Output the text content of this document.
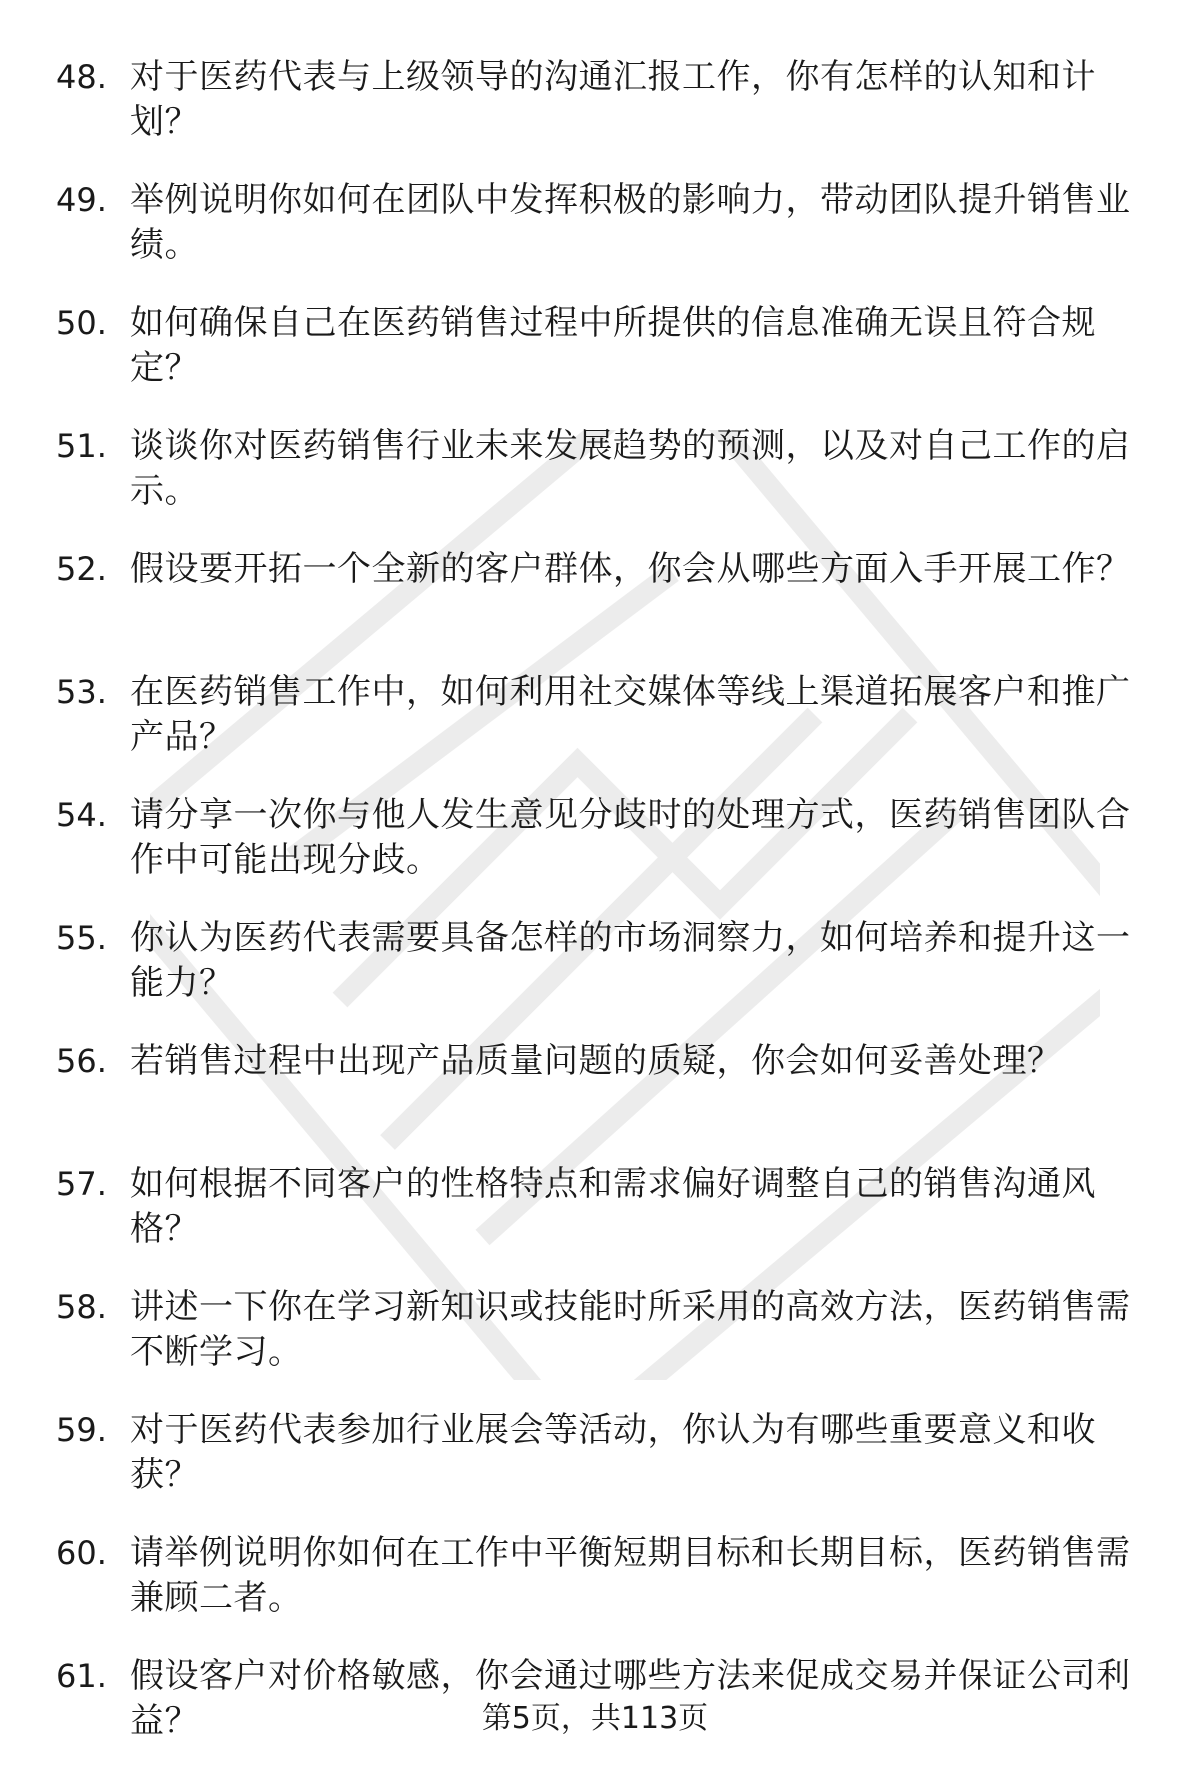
48. 对于医药代表与上级领导的沟通汇报工作，你有怎样的认知和计划？
49. 举例说明你如何在团队中发挥积极的影响力，带动团队提升销售业绩。
50. 如何确保自己在医药销售过程中所提供的信息准确无误且符合规定？
51. 谈谈你对医药销售行业未来发展趋势的预测，以及对自己工作的启示。
52. 假设要开拓一个全新的客户群体，你会从哪些方面入手开展工作？
53. 在医药销售工作中，如何利用社交媒体等线上渠道拓展客户和推广产品？
54. 请分享一次你与他人发生意见分歧时的处理方式，医药销售团队合作中可能出现分歧。
55. 你认为医药代表需要具备怎样的市场洞察力，如何培养和提升这一能力？
56. 若销售过程中出现产品质量问题的质疑，你会如何妥善处理？
57. 如何根据不同客户的性格特点和需求偏好调整自己的销售沟通风格？
58. 讲述一下你在学习新知识或技能时所采用的高效方法，医药销售需不断学习。
59. 对于医药代表参加行业展会等活动，你认为有哪些重要意义和收获？
60. 请举例说明你如何在工作中平衡短期目标和长期目标，医药销售需兼顾二者。
61. 假设客户对价格敏感，你会通过哪些方法来促成交易并保证公司利益？	第5页，共113页
